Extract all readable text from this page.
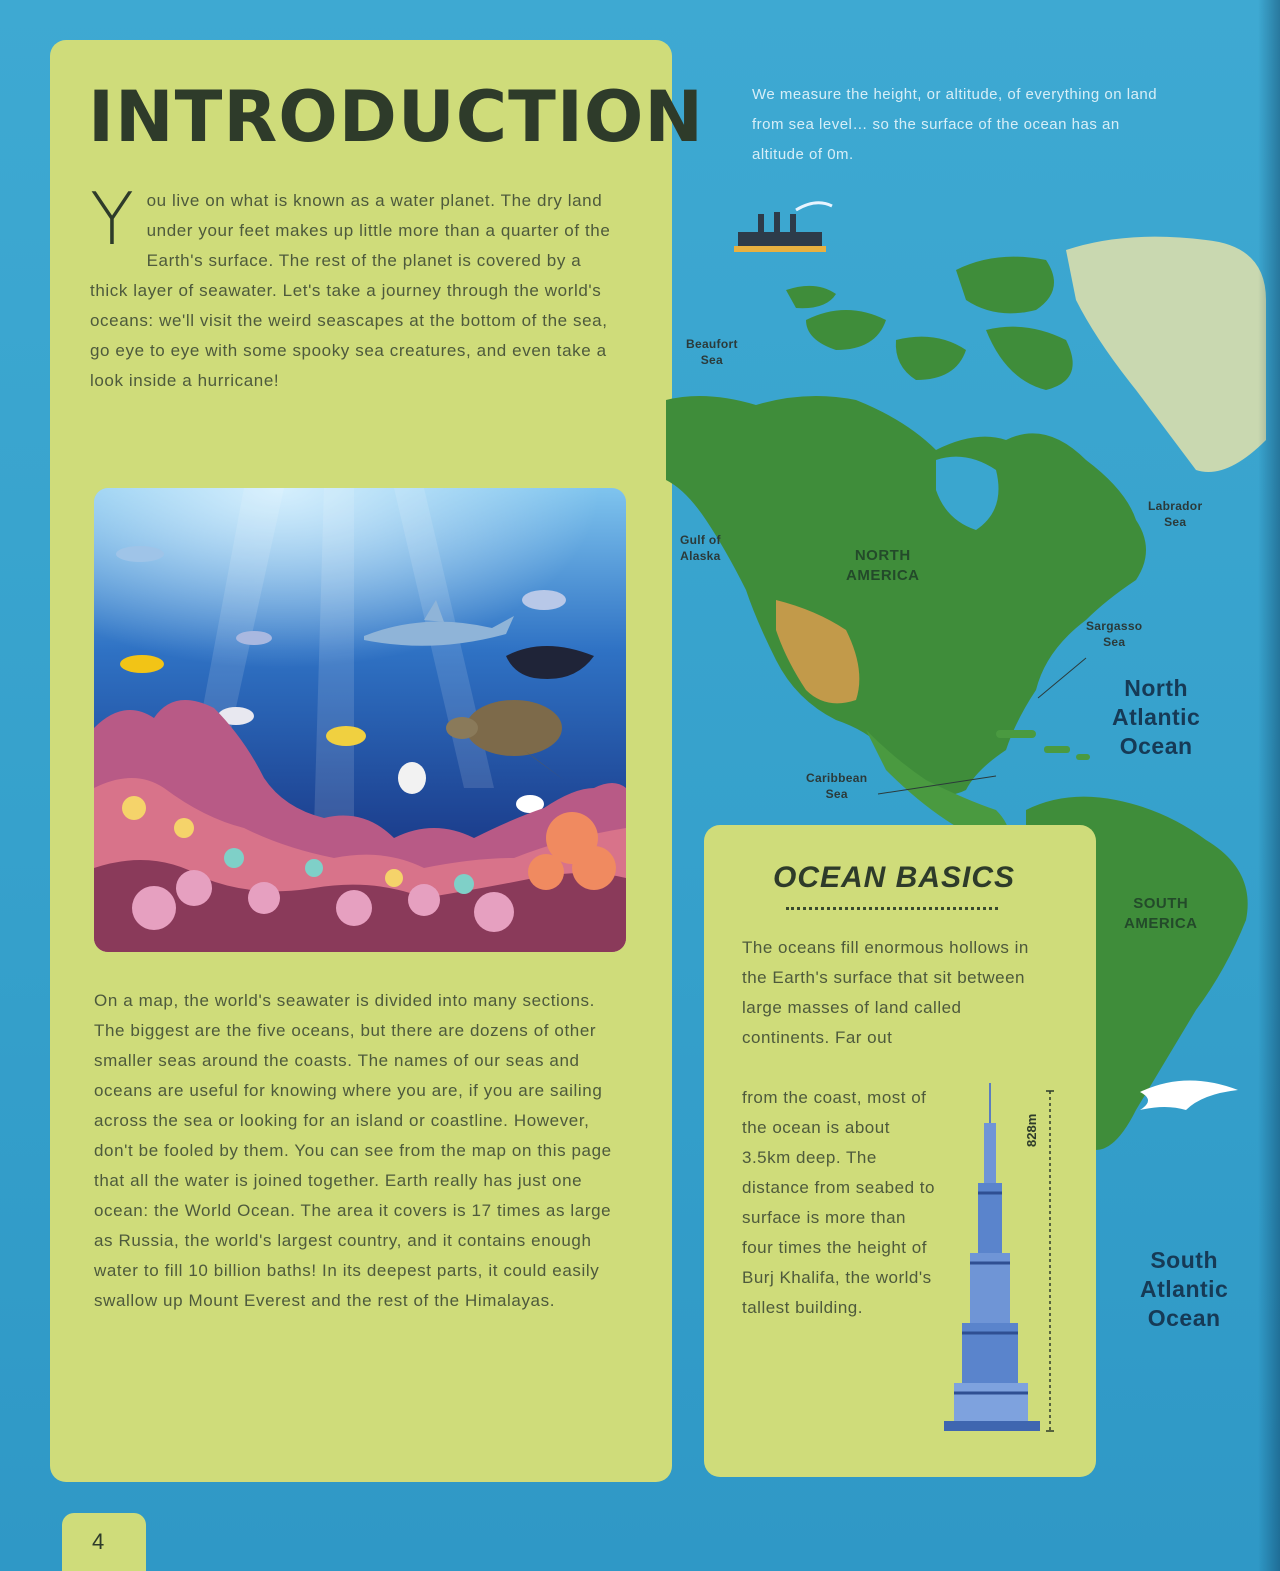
INTRODUCTION

You live on what is known as a water planet. The dry land under your feet makes up little more than a quarter of the Earth's surface. The rest of the planet is covered by a thick layer of seawater. Let's take a journey through the world's oceans: we'll visit the weird seascapes at the bottom of the sea, go eye to eye with some spooky sea creatures, and even take a look inside a hurricane!

On a map, the world's seawater is divided into many sections. The biggest are the five oceans, but there are dozens of other smaller seas around the coasts. The names of our seas and oceans are useful for knowing where you are, if you are sailing across the sea or looking for an island or coastline. However, don't be fooled by them. You can see from the map on this page that all the water is joined together. Earth really has just one ocean: the World Ocean. The area it covers is 17 times as large as Russia, the world's largest country, and it contains enough water to fill 10 billion baths! In its deepest parts, it could easily swallow up Mount Everest and the rest of the Himalayas.

4

We measure the height, or altitude, of everything on land from sea level… so the surface of the ocean has an altitude of 0m.

Beaufort
Sea
Gulf of
Alaska
Labrador
Sea
Sargasso
Sea
Caribbean
Sea
NORTH
AMERICA
SOUTH
AMERICA
North
Atlantic
Ocean
South
Atlantic
Ocean
OCEAN BASICS

The oceans fill enormous hollows in the Earth's surface that sit between large masses of land called continents. Far out

from the coast, most of the ocean is about 3.5km deep. The distance from seabed to surface is more than four times the height of Burj Khalifa, the world's tallest building.

828m
